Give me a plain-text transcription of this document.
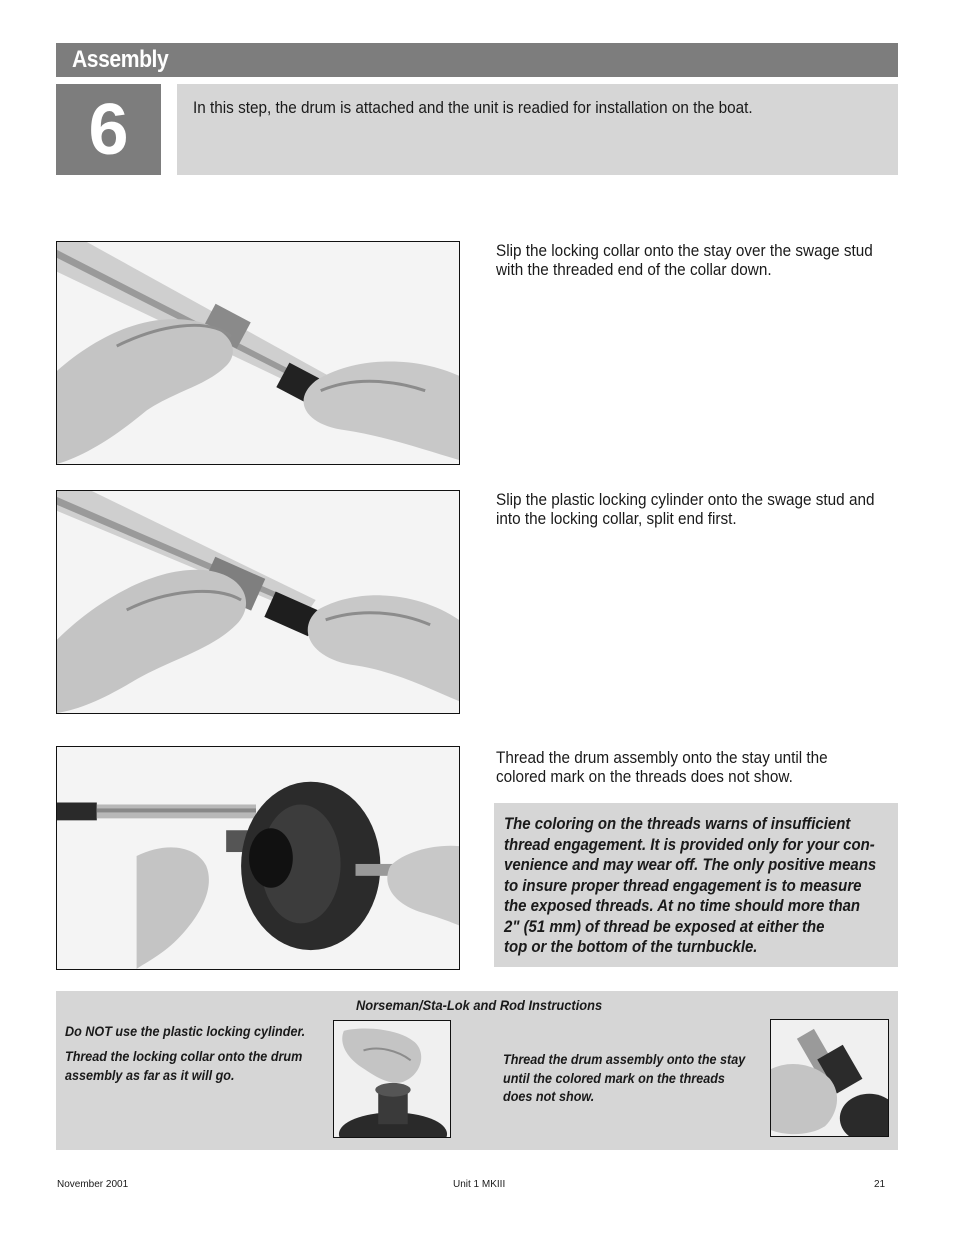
Assembly
6	In this step, the drum is attached and the unit is readied for installation on the boat.
Slip the locking collar onto the stay over the swage stud
with the threaded end of the collar down.
Slip the plastic locking cylinder onto the swage stud and
into the locking collar, split end first.
Thread the drum assembly onto the stay until the
colored mark on the threads does not show.
The coloring on the threads warns of insufficient
thread engagement. It is provided only for your con-
venience and may wear off. The only positive means
to insure proper thread engagement is to measure
the exposed threads. At no time should more than
2" (51 mm) of thread be exposed at either the
top or the bottom of the turnbuckle.
Norseman/Sta-Lok and Rod Instructions
Do NOT use the plastic locking cylinder.
Thread the locking collar onto the drum
assembly as far as it will go.
Thread the drum assembly onto the stay
until the colored mark on the threads
does not show.
November 2001	Unit 1 MKIII	21
